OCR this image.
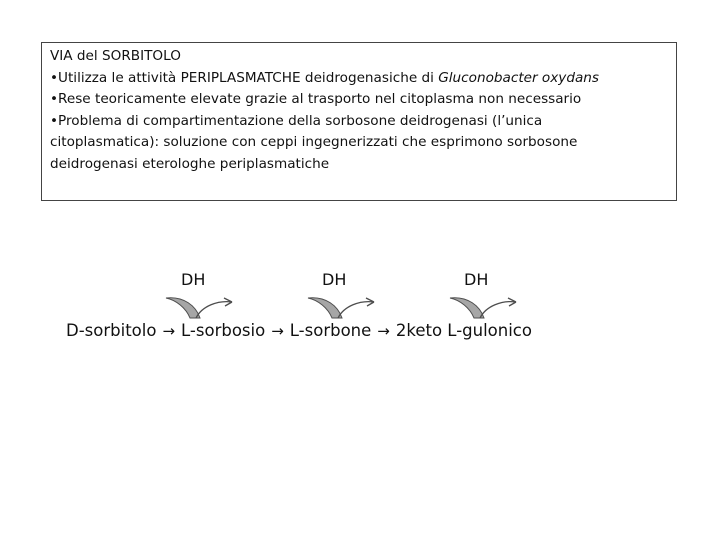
VIA del SORBITOLO
•Utilizza le attività PERIPLASMATCHE deidrogenasiche di Gluconobacter oxydans
•Rese teoricamente elevate grazie al trasporto nel citoplasma non necessario
•Problema di compartimentazione della sorbosone deidrogenasi (l’unica
citoplasmatica): soluzione con ceppi ingegnerizzati che esprimono sorbosone
deidrogenasi eterologhe periplasmatiche
DH	DH	DH
D-sorbitolo → L-sorbosio → L-sorbone → 2keto L-gulonico
